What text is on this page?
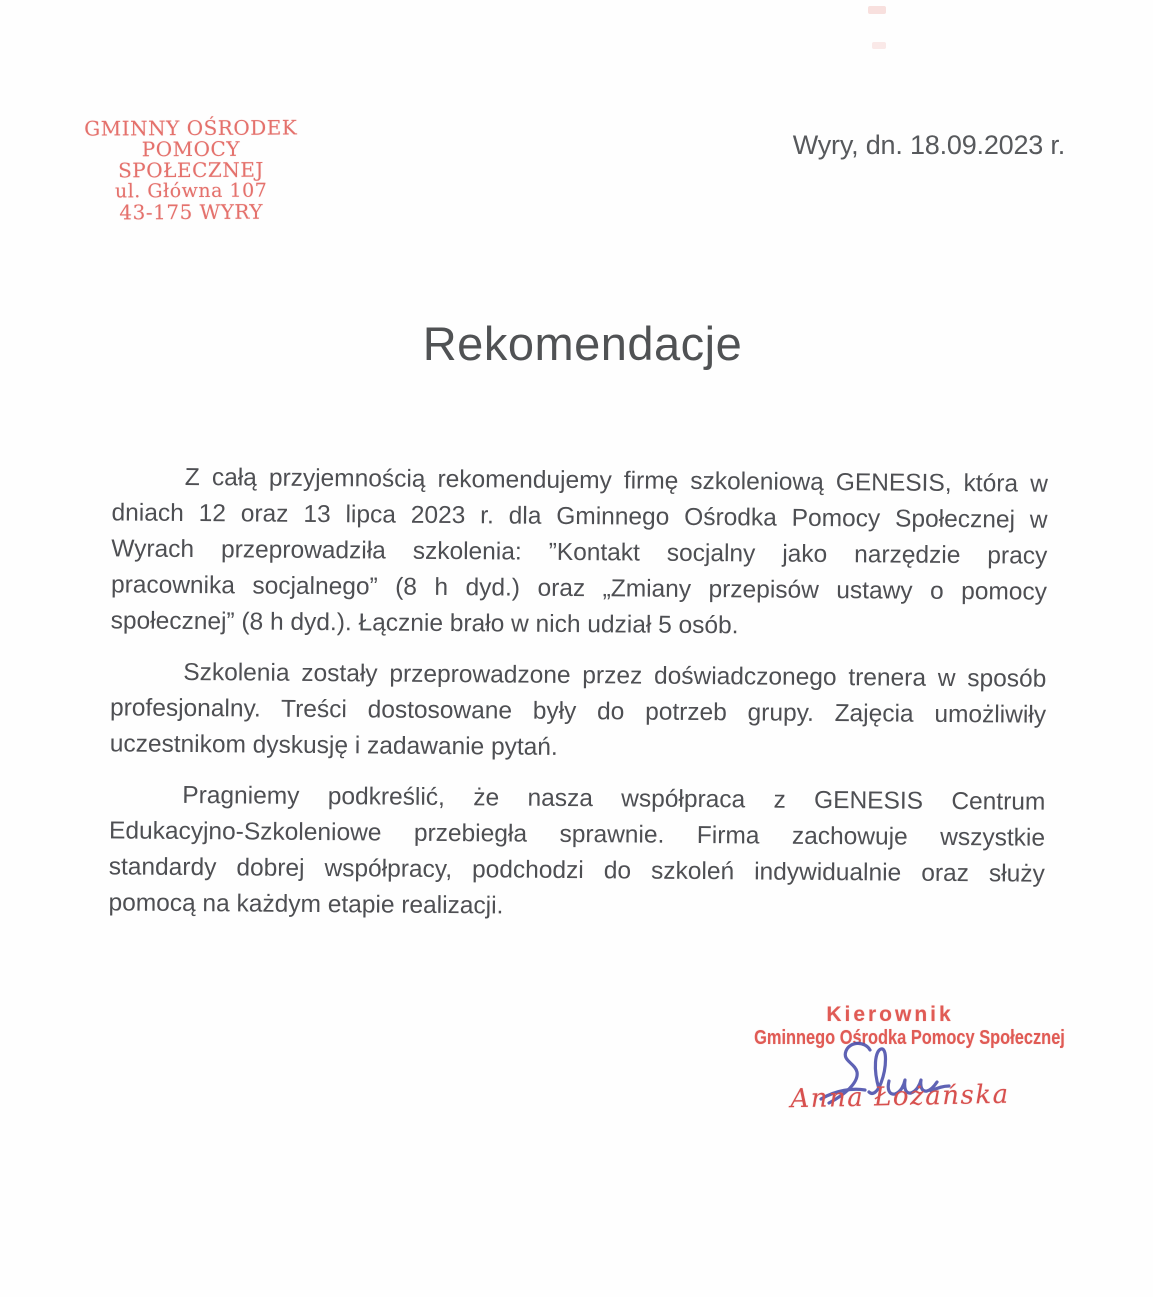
GMINNY OŚRODEK
POMOCY SPOŁECZNEJ
ul. Główna 107
43-175 WYRY
Wyry, dn. 18.09.2023 r.
Rekomendacje
Z całą przyjemnością rekomendujemy firmę szkoleniową GENESIS, która w
dniach 12 oraz 13 lipca 2023 r. dla Gminnego Ośrodka Pomocy Społecznej w
Wyrach przeprowadziła szkolenia: ”Kontakt socjalny jako narzędzie pracy
pracownika socjalnego” (8 h dyd.) oraz „Zmiany przepisów ustawy o pomocy
społecznej” (8 h dyd.). Łącznie brało w nich udział 5 osób.
Szkolenia zostały przeprowadzone przez doświadczonego trenera w sposób
profesjonalny. Treści dostosowane były do potrzeb grupy. Zajęcia umożliwiły
uczestnikom dyskusję i zadawanie pytań.
Pragniemy podkreślić, że nasza współpraca z GENESIS Centrum
Edukacyjno-Szkoleniowe przebiegła sprawnie. Firma zachowuje wszystkie
standardy dobrej współpracy, podchodzi do szkoleń indywidualnie oraz służy
pomocą na każdym etapie realizacji.
Kierownik
Gminnego Ośrodka Pomocy Społecznej
Anna Łożańska
